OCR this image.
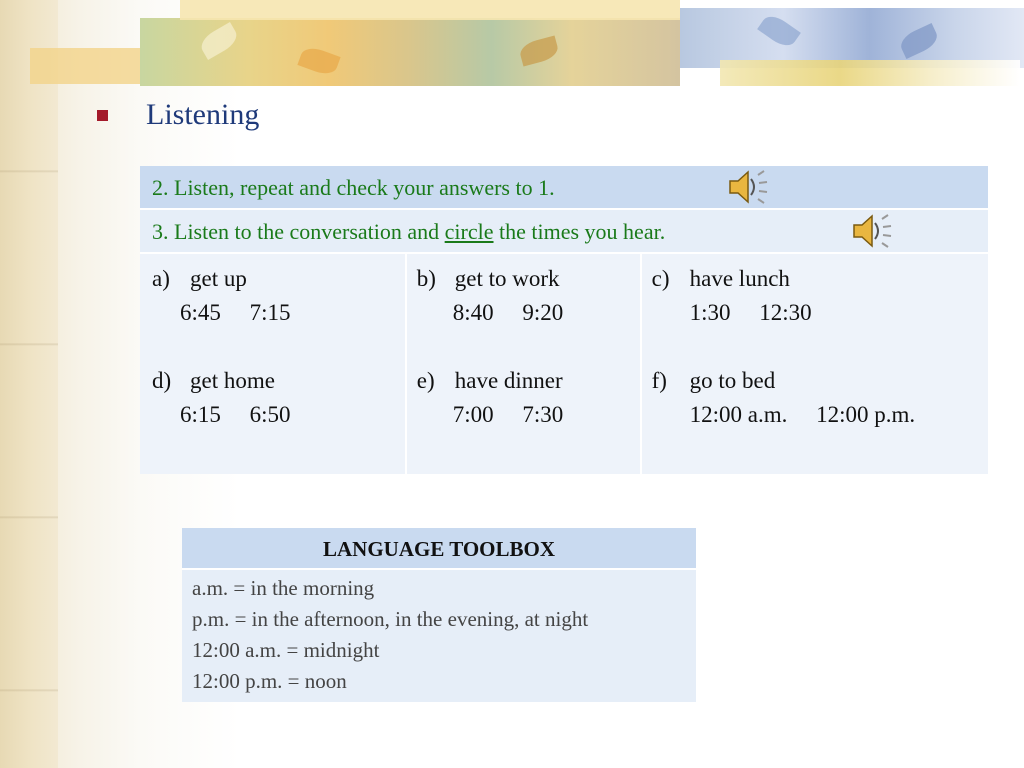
Listening
2. Listen, repeat and check your answers to 1.
3. Listen to the conversation and circle the times you hear.
a) get up
6:45     7:15
d) get home
6:15     6:50
b) get to work
8:40     9:20
e) have dinner
7:00     7:30
c) have lunch
1:30     12:30
f) go to bed
12:00 a.m.     12:00 p.m.
LANGUAGE TOOLBOX
a.m. = in the morning
p.m. = in the afternoon, in the evening, at night
12:00 a.m. = midnight
12:00 p.m. = noon
